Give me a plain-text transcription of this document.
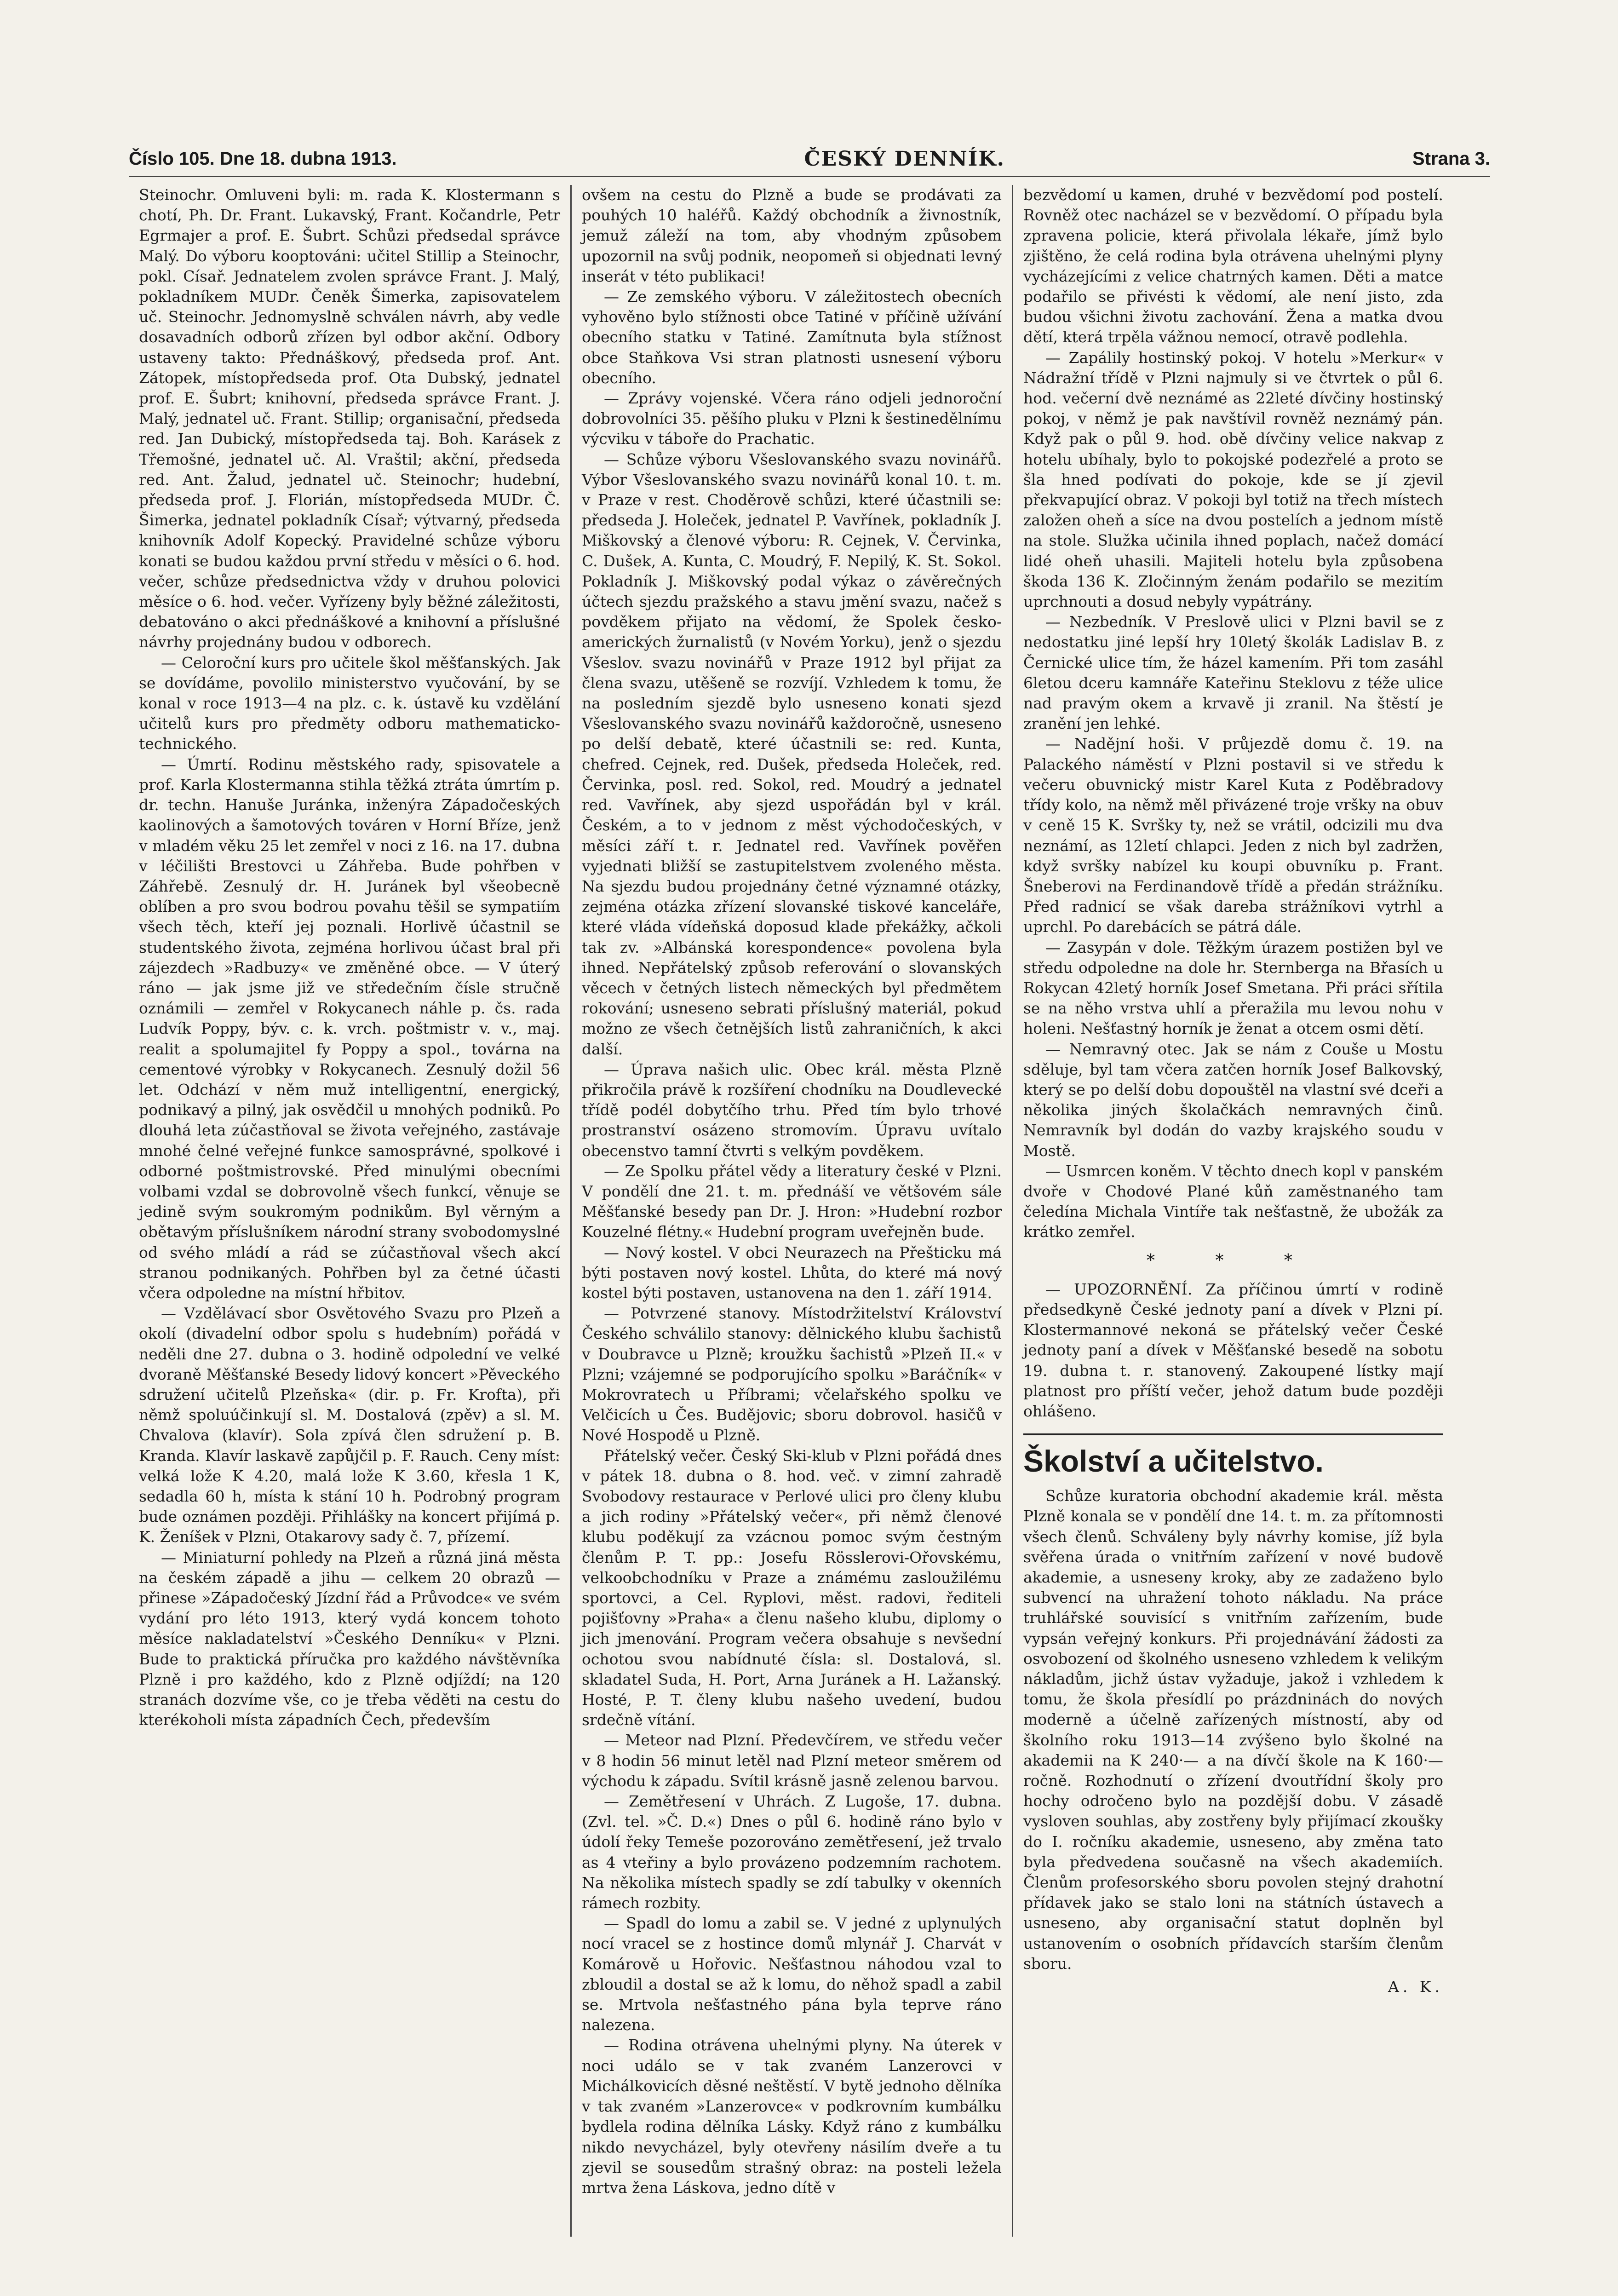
Číslo 105. Dne 18. dubna 1913.	ČESKÝ DENNÍK.	Strana 3.

Steinochr. Omluveni byli: m. rada K. Klostermann s chotí, Ph. Dr. Frant. Lukavský, Frant. Kočandrle, Petr Egrmajer a prof. E. Šubrt. Schůzi předsedal správce Malý. Do výboru kooptováni: učitel Stillip a Steinochr, pokl. Císař. Jednatelem zvolen správce Frant. J. Malý, pokladníkem MUDr. Čeněk Šimerka, zapisovatelem uč. Steinochr. Jednomyslně schválen návrh, aby vedle dosavadních odborů zřízen byl odbor akční. Odbory ustaveny takto: Přednáškový, předseda prof. Ant. Zátopek, místopředseda prof. Ota Dubský, jednatel prof. E. Šubrt; knihovní, předseda správce Frant. J. Malý, jednatel uč. Frant. Stillip; organisační, předseda red. Jan Dubický, místopředseda taj. Boh. Karásek z Třemošné, jednatel uč. Al. Vraštil; akční, předseda red. Ant. Žalud, jednatel uč. Steinochr; hudební, předseda prof. J. Florián, místopředseda MUDr. Č. Šimerka, jednatel pokladník Císař; výtvarný, předseda knihovník Adolf Kopecký. Pravidelné schůze výboru konati se budou každou první středu v měsíci o 6. hod. večer, schůze předsednictva vždy v druhou polovici měsíce o 6. hod. večer. Vyřízeny byly běžné záležitosti, debatováno o akci přednáškové a knihovní a příslušné návrhy projednány budou v odborech.

— Celoroční kurs pro učitele škol měšťanských. Jak se dovídáme, povolilo ministerstvo vyučování, by se konal v roce 1913—4 na plz. c. k. ústavě ku vzdělání učitelů kurs pro předměty odboru mathematicko-technického.

— Úmrtí. Rodinu městského rady, spisovatele a prof. Karla Klostermanna stihla těžká ztráta úmrtím p. dr. techn. Hanuše Juránka, inženýra Západočeských kaolinových a šamotových továren v Horní Bříze, jenž v mladém věku 25 let zemřel v noci z 16. na 17. dubna v léčilišti Brestovci u Záhřeba. Bude pohřben v Záhřebě. Zesnulý dr. H. Juránek byl všeobecně oblíben a pro svou bodrou povahu těšil se sympatiím všech těch, kteří jej poznali. Horlivě účastnil se studentského života, zejména horlivou účast bral při zájezdech »Radbuzy« ve změněné obce. — V úterý ráno — jak jsme již ve středečním čísle stručně oznámili — zemřel v Rokycanech náhle p. čs. rada Ludvík Poppy, býv. c. k. vrch. poštmistr v. v., maj. realit a spolumajitel fy Poppy a spol., továrna na cementové výrobky v Rokycanech. Zesnulý dožil 56 let. Odchází v něm muž intelligentní, energický, podnikavý a pilný, jak osvědčil u mnohých podniků. Po dlouhá leta zúčastňoval se života veřejného, zastávaje mnohé čelné veřejné funkce samosprávné, spolkové i odborné poštmistrovské. Před minulými obecními volbami vzdal se dobrovolně všech funkcí, věnuje se jedině svým soukromým podnikům. Byl věrným a obětavým příslušníkem národní strany svobodomyslné od svého mládí a rád se zúčastňoval všech akcí stranou podnikaných. Pohřben byl za četné účasti včera odpoledne na místní hřbitov.

— Vzdělávací sbor Osvětového Svazu pro Plzeň a okolí (divadelní odbor spolu s hudebním) pořádá v neděli dne 27. dubna o 3. hodině odpolední ve velké dvoraně Měšťanské Besedy lidový koncert »Pěveckého sdružení učitelů Plzeňska« (dir. p. Fr. Krofta), při němž spoluúčinkují sl. M. Dostalová (zpěv) a sl. M. Chvalova (klavír). Sola zpívá člen sdružení p. B. Kranda. Klavír laskavě zapůjčil p. F. Rauch. Ceny míst: velká lože K 4.20, malá lože K 3.60, křesla 1 K, sedadla 60 h, místa k stání 10 h. Podrobný program bude oznámen později. Přihlášky na koncert přijímá p. K. Ženíšek v Plzni, Otakarovy sady č. 7, přízemí.

— Miniaturní pohledy na Plzeň a různá jiná města na českém západě a jihu — celkem 20 obrazů — přinese »Západočeský Jízdní řád a Průvodce« ve svém vydání pro léto 1913, který vydá koncem tohoto měsíce nakladatelství »Českého Denníku« v Plzni. Bude to praktická příručka pro každého návštěvníka Plzně i pro každého, kdo z Plzně odjíždí; na 120 stranách dozvíme vše, co je třeba věděti na cestu do kterékoholi místa západních Čech, především

ovšem na cestu do Plzně a bude se prodávati za pouhých 10 haléřů. Každý obchodník a živnostník, jemuž záleží na tom, aby vhodným způsobem upozornil na svůj podnik, neopomeň si objednati levný inserát v této publikaci!

— Ze zemského výboru. V záležitostech obecních vyhověno bylo stížnosti obce Tatiné v příčině užívání obecního statku v Tatiné. Zamítnuta byla stížnost obce Staňkova Vsi stran platnosti usnesení výboru obecního.

— Zprávy vojenské. Včera ráno odjeli jednoroční dobrovolníci 35. pěšího pluku v Plzni k šestinedělnímu výcviku v táboře do Prachatic.

— Schůze výboru Všeslovanského svazu novinářů. Výbor Všeslovanského svazu novinářů konal 10. t. m. v Praze v rest. Choděrově schůzi, které účastnili se: předseda J. Holeček, jednatel P. Vavřínek, pokladník J. Miškovský a členové výboru: R. Cejnek, V. Červinka, C. Dušek, A. Kunta, C. Moudrý, F. Nepilý, K. St. Sokol. Pokladník J. Miškovský podal výkaz o závěrečných účtech sjezdu pražského a stavu jmění svazu, načež s povděkem přijato na vědomí, že Spolek česko-amerických žurnalistů (v Novém Yorku), jenž o sjezdu Všeslov. svazu novinářů v Praze 1912 byl přijat za člena svazu, utěšeně se rozvíjí. Vzhledem k tomu, že na posledním sjezdě bylo usneseno konati sjezd Všeslovanského svazu novinářů každoročně, usneseno po delší debatě, které účastnili se: red. Kunta, chefred. Cejnek, red. Dušek, předseda Holeček, red. Červinka, posl. red. Sokol, red. Moudrý a jednatel red. Vavřínek, aby sjezd uspořádán byl v král. Českém, a to v jednom z měst východočeských, v měsíci září t. r. Jednatel red. Vavřínek pověřen vyjednati bližší se zastupitelstvem zvoleného města. Na sjezdu budou projednány četné významné otázky, zejména otázka zřízení slovanské tiskové kanceláře, které vláda vídeňská doposud klade překážky, ačkoli tak zv. »Albánská korespondence« povolena byla ihned. Nepřátelský způsob referování o slovanských věcech v četných listech německých byl předmětem rokování; usneseno sebrati příslušný materiál, pokud možno ze všech četnějších listů zahraničních, k akci další.

— Úprava našich ulic. Obec král. města Plzně přikročila právě k rozšíření chodníku na Doudlevecké třídě podél dobytčího trhu. Před tím bylo trhové prostranství osázeno stromovím. Úpravu uvítalo obecenstvo tamní čtvrti s velkým povděkem.

— Ze Spolku přátel vědy a literatury české v Plzni. V pondělí dne 21. t. m. přednáší ve většovém sále Měšťanské besedy pan Dr. J. Hron: »Hudební rozbor Kouzelné flétny.« Hudební program uveřejněn bude.

— Nový kostel. V obci Neurazech na Přešticku má býti postaven nový kostel. Lhůta, do které má nový kostel býti postaven, ustanovena na den 1. září 1914.

— Potvrzené stanovy. Místodržitelství Království Českého schválilo stanovy: dělnického klubu šachistů v Doubravce u Plzně; kroužku šachistů »Plzeň II.« v Plzni; vzájemné se podporujícího spolku »Baráčník« v Mokrovratech u Příbrami; včelařského spolku ve Velčicích u Čes. Budějovic; sboru dobrovol. hasičů v Nové Hospodě u Plzně.

Přátelský večer. Český Ski-klub v Plzni pořádá dnes v pátek 18. dubna o 8. hod. več. v zimní zahradě Svobodovy restaurace v Perlové ulici pro členy klubu a jich rodiny »Přátelský večer«, při němž členové klubu poděkují za vzácnou pomoc svým čestným členům P. T. pp.: Josefu Rösslerovi-Ořovskému, velkoobchodníku v Praze a známému zasloužilému sportovci, a Cel. Ryplovi, měst. radovi, řediteli pojišťovny »Praha« a členu našeho klubu, diplomy o jich jmenování. Program večera obsahuje s nevšední ochotou svou nabídnuté čísla: sl. Dostalová, sl. skladatel Suda, H. Port, Arna Juránek a H. Lažanský. Hosté, P. T. členy klubu našeho uvedení, budou srdečně vítání.

— Meteor nad Plzní. Předevčírem, ve středu večer v 8 hodin 56 minut letěl nad Plzní meteor směrem od východu k západu. Svítil krásně jasně zelenou barvou.

— Zemětřesení v Uhrách. Z Lugoše, 17. dubna. (Zvl. tel. »Č. D.«) Dnes o půl 6. hodině ráno bylo v údolí řeky Temeše pozorováno zemětřesení, jež trvalo as 4 vteřiny a bylo provázeno podzemním rachotem. Na několika místech spadly se zdí tabulky v okenních rámech rozbity.

— Spadl do lomu a zabil se. V jedné z uplynulých nocí vracel se z hostince domů mlynář J. Charvát v Komárově u Hořovic. Nešťastnou náhodou vzal to zbloudil a dostal se až k lomu, do něhož spadl a zabil se. Mrtvola nešťastného pána byla teprve ráno nalezena.

— Rodina otrávena uhelnými plyny. Na úterek v noci událo se v tak zvaném Lanzerovci v Michálkovicích děsné neštěstí. V bytě jednoho dělníka v tak zvaném »Lanzerovce« v podkrovním kumbálku bydlela rodina dělníka Lásky. Když ráno z kumbálku nikdo nevycházel, byly otevřeny násilím dveře a tu zjevil se sousedům strašný obraz: na posteli ležela mrtva žena Láskova, jedno dítě v

bezvědomí u kamen, druhé v bezvědomí pod postelí. Rovněž otec nacházel se v bezvědomí. O případu byla zpravena policie, která přivolala lékaře, jímž bylo zjištěno, že celá rodina byla otrávena uhelnými plyny vycházejícími z velice chatrných kamen. Děti a matce podařilo se přivésti k vědomí, ale není jisto, zda budou všichni životu zachování. Žena a matka dvou dětí, která trpěla vážnou nemocí, otravě podlehla.

— Zapálily hostinský pokoj. V hotelu »Merkur« v Nádražní třídě v Plzni najmuly si ve čtvrtek o půl 6. hod. večerní dvě neznámé as 22leté dívčiny hostinský pokoj, v němž je pak navštívil rovněž neznámý pán. Když pak o půl 9. hod. obě dívčiny velice nakvap z hotelu ubíhaly, bylo to pokojské podezřelé a proto se šla hned podívati do pokoje, kde se jí zjevil překvapující obraz. V pokoji byl totiž na třech místech založen oheň a síce na dvou postelích a jednom místě na stole. Služka učinila ihned poplach, načež domácí lidé oheň uhasili. Majiteli hotelu byla způsobena škoda 136 K. Zločinným ženám podařilo se mezitím uprchnouti a dosud nebyly vypátrány.

— Nezbedník. V Preslově ulici v Plzni bavil se z nedostatku jiné lepší hry 10letý školák Ladislav B. z Černické ulice tím, že házel kamením. Při tom zasáhl 6letou dceru kamnáře Kateřinu Steklovu z téže ulice nad pravým okem a krvavě ji zranil. Na štěstí je zranění jen lehké.

— Nadějní hoši. V průjezdě domu č. 19. na Palackého náměstí v Plzni postavil si ve středu k večeru obuvnický mistr Karel Kuta z Poděbradovy třídy kolo, na němž měl přivázené troje vršky na obuv v ceně 15 K. Svršky ty, než se vrátil, odcizili mu dva neznámí, as 12letí chlapci. Jeden z nich byl zadržen, když svršky nabízel ku koupi obuvníku p. Frant. Šneberovi na Ferdinandově třídě a předán strážníku. Před radnicí se však dareba strážníkovi vytrhl a uprchl. Po darebácích se pátrá dále.

— Zasypán v dole. Těžkým úrazem postižen byl ve středu odpoledne na dole hr. Sternberga na Břasích u Rokycan 42letý horník Josef Smetana. Při práci sřítila se na něho vrstva uhlí a přeražila mu levou nohu v holeni. Nešťastný horník je ženat a otcem osmi dětí.

— Nemravný otec. Jak se nám z Couše u Mostu sděluje, byl tam včera zatčen horník Josef Balkovský, který se po delší dobu dopouštěl na vlastní své dceři a několika jiných školačkách nemravných činů. Nemravník byl dodán do vazby krajského soudu v Mostě.

— Usmrcen koněm. V těchto dnech kopl v panském dvoře v Chodové Plané kůň zaměstnaného tam čeledína Michala Vintíře tak nešťastně, že ubožák za krátko zemřel.

* * *

— UPOZORNĚNÍ. Za příčinou úmrtí v rodině předsedkyně České jednoty paní a dívek v Plzni pí. Klostermannové nekoná se přátelský večer České jednoty paní a dívek v Měšťanské besedě na sobotu 19. dubna t. r. stanovený. Zakoupené lístky mají platnost pro příští večer, jehož datum bude později ohlášeno.

Školství a učitelstvo.

Schůze kuratoria obchodní akademie král. města Plzně konala se v pondělí dne 14. t. m. za přítomnosti všech členů. Schváleny byly návrhy komise, jíž byla svěřena úrada o vnitřním zařízení v nové budově akademie, a usneseny kroky, aby ze zadaženo bylo subvencí na uhražení tohoto nákladu. Na práce truhlářské souvisící s vnitřním zařízením, bude vypsán veřejný konkurs. Při projednávání žádosti za osvobození od školného usneseno vzhledem k velikým nákladům, jichž ústav vyžaduje, jakož i vzhledem k tomu, že škola přesídlí po prázdninách do nových moderně a účelně zařízených místností, aby od školního roku 1913—14 zvýšeno bylo školné na akademii na K 240·— a na dívčí škole na K 160·— ročně. Rozhodnutí o zřízení dvoutřídní školy pro hochy odročeno bylo na pozdější dobu. V zásadě vysloven souhlas, aby zostřeny byly přijímací zkoušky do I. ročníku akademie, usneseno, aby změna tato byla předvedena současně na všech akademiích. Členům profesorského sboru povolen stejný drahotní přídavek jako se stalo loni na státních ústavech a usneseno, aby organisační statut doplněn byl ustanovením o osobních přídavcích starším členům sboru.

A. K.
